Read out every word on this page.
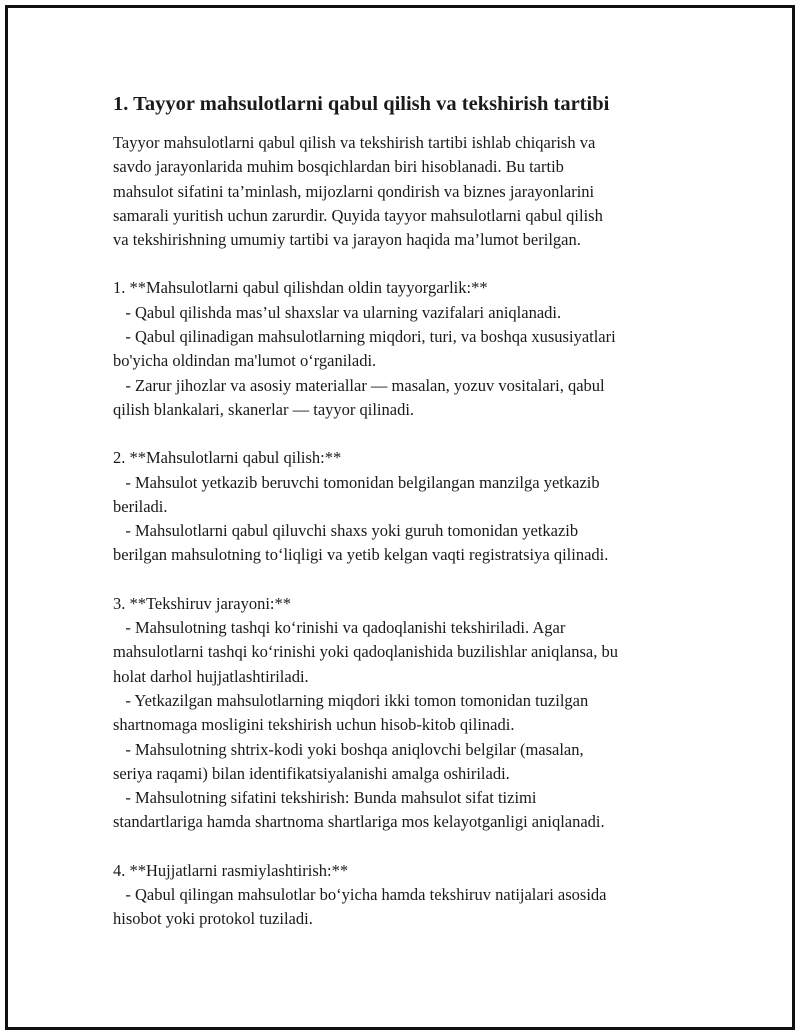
1. Tayyor mahsulotlarni qabul qilish va tekshirish tartibi

Tayyor mahsulotlarni qabul qilish va tekshirish tartibi ishlab chiqarish va
savdo jarayonlarida muhim bosqichlardan biri hisoblanadi. Bu tartib
mahsulot sifatini ta’minlash, mijozlarni qondirish va biznes jarayonlarini
samarali yuritish uchun zarurdir. Quyida tayyor mahsulotlarni qabul qilish
va tekshirishning umumiy tartibi va jarayon haqida ma’lumot berilgan.

1. **Mahsulotlarni qabul qilishdan oldin tayyorgarlik:**
- Qabul qilishda mas’ul shaxslar va ularning vazifalari aniqlanadi.
- Qabul qilinadigan mahsulotlarning miqdori, turi, va boshqa xususiyatlari
bo'yicha oldindan ma'lumot o‘rganiladi.
- Zarur jihozlar va asosiy materiallar — masalan, yozuv vositalari, qabul
qilish blankalari, skanerlar — tayyor qilinadi.
2. **Mahsulotlarni qabul qilish:**
- Mahsulot yetkazib beruvchi tomonidan belgilangan manzilga yetkazib
beriladi.
- Mahsulotlarni qabul qiluvchi shaxs yoki guruh tomonidan yetkazib
berilgan mahsulotning to‘liqligi va yetib kelgan vaqti registratsiya qilinadi.
3. **Tekshiruv jarayoni:**
- Mahsulotning tashqi ko‘rinishi va qadoqlanishi tekshiriladi. Agar
mahsulotlarni tashqi ko‘rinishi yoki qadoqlanishida buzilishlar aniqlansa, bu
holat darhol hujjatlashtiriladi.
- Yetkazilgan mahsulotlarning miqdori ikki tomon tomonidan tuzilgan
shartnomaga mosligini tekshirish uchun hisob-kitob qilinadi.
- Mahsulotning shtrix-kodi yoki boshqa aniqlovchi belgilar (masalan,
seriya raqami) bilan identifikatsiyalanishi amalga oshiriladi.
- Mahsulotning sifatini tekshirish: Bunda mahsulot sifat tizimi
standartlariga hamda shartnoma shartlariga mos kelayotganligi aniqlanadi.
4. **Hujjatlarni rasmiylashtirish:**
- Qabul qilingan mahsulotlar bo‘yicha hamda tekshiruv natijalari asosida
hisobot yoki protokol tuziladi.
